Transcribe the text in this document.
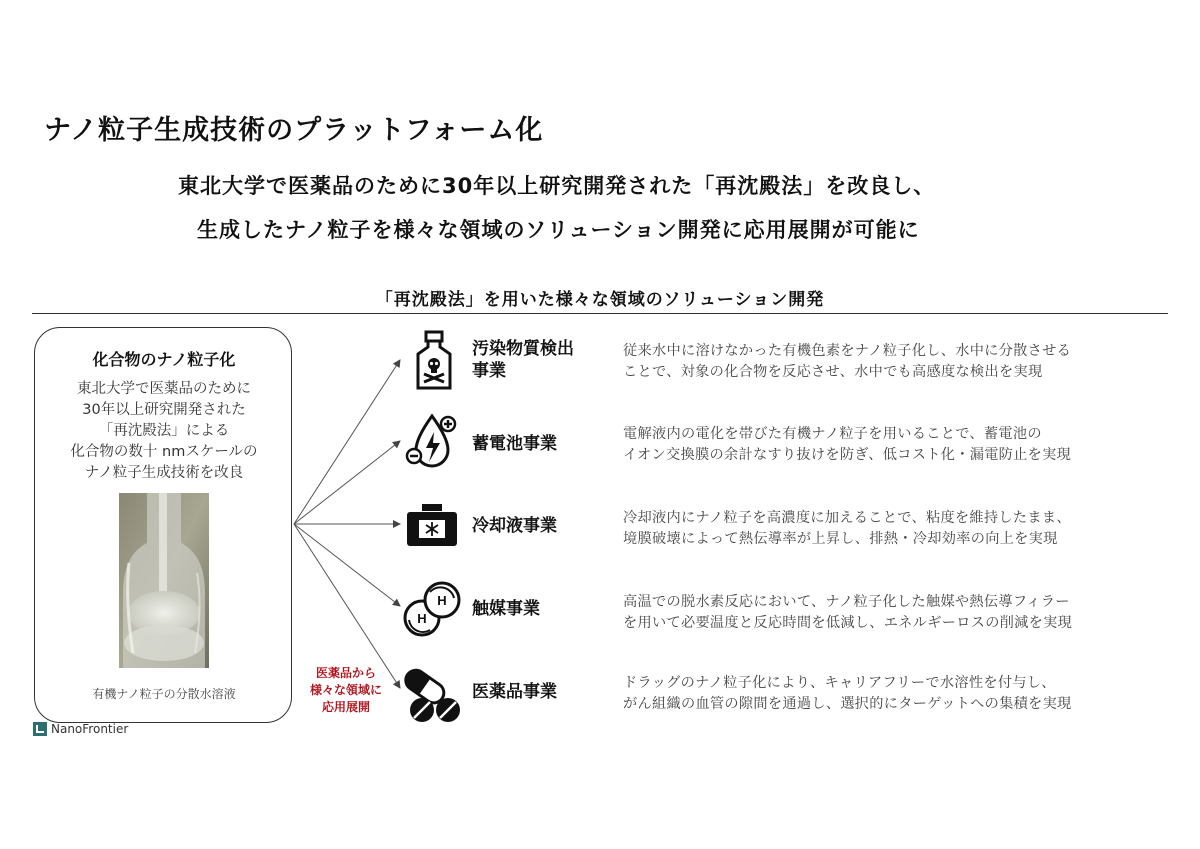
ナノ粒子生成技術のプラットフォーム化
東北大学で医薬品のために30年以上研究開発された「再沈殿法」を改良し、
生成したナノ粒子を様々な領域のソリューション開発に応用展開が可能に
「再沈殿法」を用いた様々な領域のソリューション開発
化合物のナノ粒子化
東北大学で医薬品のために
30年以上研究開発された
「再沈殿法」による
化合物の数十 nmスケールの
ナノ粒子生成技術を改良
有機ナノ粒子の分散水溶液
医薬品から
様々な領域に
応用展開
汚染物質検出
事業
従来水中に溶けなかった有機色素をナノ粒子化し、水中に分散させる
ことで、対象の化合物を反応させ、水中でも高感度な検出を実現
蓄電池事業	電解液内の電化を帯びた有機ナノ粒子を用いることで、蓄電池の
イオン交換膜の余計なすり抜けを防ぎ、低コスト化・漏電防止を実現
冷却液事業	冷却液内にナノ粒子を高濃度に加えることで、粘度を維持したまま、
境膜破壊によって熱伝導率が上昇し、排熱・冷却効率の向上を実現
H
H 触媒事業	高温での脱水素反応において、ナノ粒子化した触媒や熱伝導フィラー
を用いて必要温度と反応時間を低減し、エネルギーロスの削減を実現
医薬品事業	ドラッグのナノ粒子化により、キャリアフリーで水溶性を付与し、
がん組織の血管の隙間を通過し、選択的にターゲットへの集積を実現
NanoFrontier
